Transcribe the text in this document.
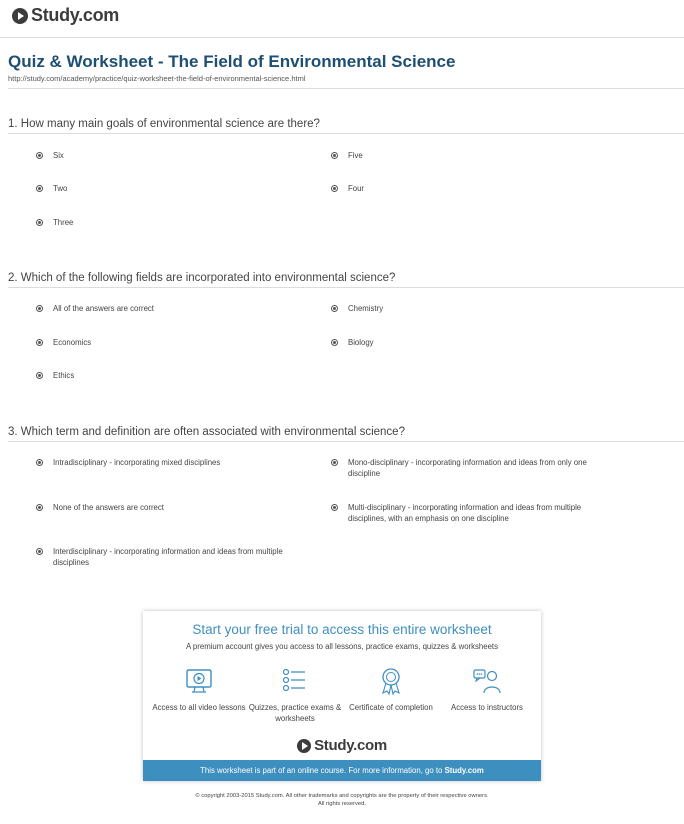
Study.com
Quiz & Worksheet - The Field of Environmental Science
http://study.com/academy/practice/quiz-worksheet-the-field-of-environmental-science.html
1. How many main goals of environmental science are there?
Six	Five
Two	Four
Three
2. Which of the following fields are incorporated into environmental science?
All of the answers are correct	Chemistry
Economics	Biology
Ethics
3. Which term and definition are often associated with environmental science?
Intradisciplinary - incorporating mixed disciplines	Mono-disciplinary - incorporating information and ideas from only one discipline
None of the answers are correct	Multi-disciplinary - incorporating information and ideas from multiple disciplines, with an emphasis on one discipline
Interdisciplinary - incorporating information and ideas from multiple disciplines
Start your free trial to access this entire worksheet
A premium account gives you access to all lessons, practice exams, quizzes & worksheets
Access to all video lessons Quizzes, practice exams & worksheets
Certificate of completion	Access to instructors
Study.com
This worksheet is part of an online course. For more information, go to Study.com
© copyright 2003-2015 Study.com. All other trademarks and copyrights are the property of their respective owners.
All rights reserved.
